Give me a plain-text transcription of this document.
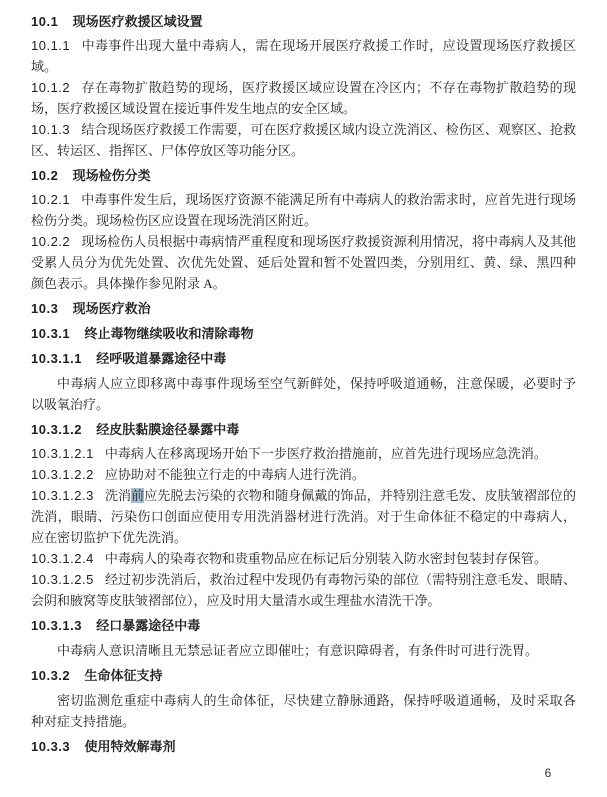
10.1 现场医疗救援区域设置
10.1.1 中毒事件出现大量中毒病人，需在现场开展医疗救援工作时，应设置现场医疗救援区域。
10.1.2 存在毒物扩散趋势的现场，医疗救援区域应设置在冷区内；不存在毒物扩散趋势的现场，医疗救援区域设置在接近事件发生地点的安全区域。
10.1.3 结合现场医疗救援工作需要，可在医疗救援区域内设立洗消区、检伤区、观察区、抢救区、转运区、指挥区、尸体停放区等功能分区。
10.2 现场检伤分类
10.2.1 中毒事件发生后，现场医疗资源不能满足所有中毒病人的救治需求时，应首先进行现场检伤分类。现场检伤区应设置在现场洗消区附近。
10.2.2 现场检伤人员根据中毒病情严重程度和现场医疗救援资源利用情况，将中毒病人及其他受累人员分为优先处置、次优先处置、延后处置和暂不处置四类，分别用红、黄、绿、黑四种颜色表示。具体操作参见附录 A。
10.3 现场医疗救治
10.3.1 终止毒物继续吸收和清除毒物
10.3.1.1 经呼吸道暴露途径中毒
中毒病人应立即移离中毒事件现场至空气新鲜处，保持呼吸道通畅，注意保暖，必要时予以吸氧治疗。
10.3.1.2 经皮肤黏膜途径暴露中毒
10.3.1.2.1 中毒病人在移离现场开始下一步医疗救治措施前，应首先进行现场应急洗消。
10.3.1.2.2 应协助对不能独立行走的中毒病人进行洗消。
10.3.1.2.3 洗消前应先脱去污染的衣物和随身佩戴的饰品，并特别注意毛发、皮肤皱褶部位的洗消，眼睛、污染伤口创面应使用专用洗消器材进行洗消。对于生命体征不稳定的中毒病人，应在密切监护下优先洗消。
10.3.1.2.4 中毒病人的染毒衣物和贵重物品应在标记后分别装入防水密封包装封存保管。
10.3.1.2.5 经过初步洗消后，救治过程中发现仍有毒物污染的部位（需特别注意毛发、眼睛、会阴和腋窝等皮肤皱褶部位），应及时用大量清水或生理盐水清洗干净。
10.3.1.3 经口暴露途径中毒
中毒病人意识清晰且无禁忌证者应立即催吐；有意识障碍者，有条件时可进行洗胃。
10.3.2 生命体征支持
密切监测危重症中毒病人的生命体征，尽快建立静脉通路，保持呼吸道通畅，及时采取各种对症支持措施。
10.3.3 使用特效解毒剂
6
